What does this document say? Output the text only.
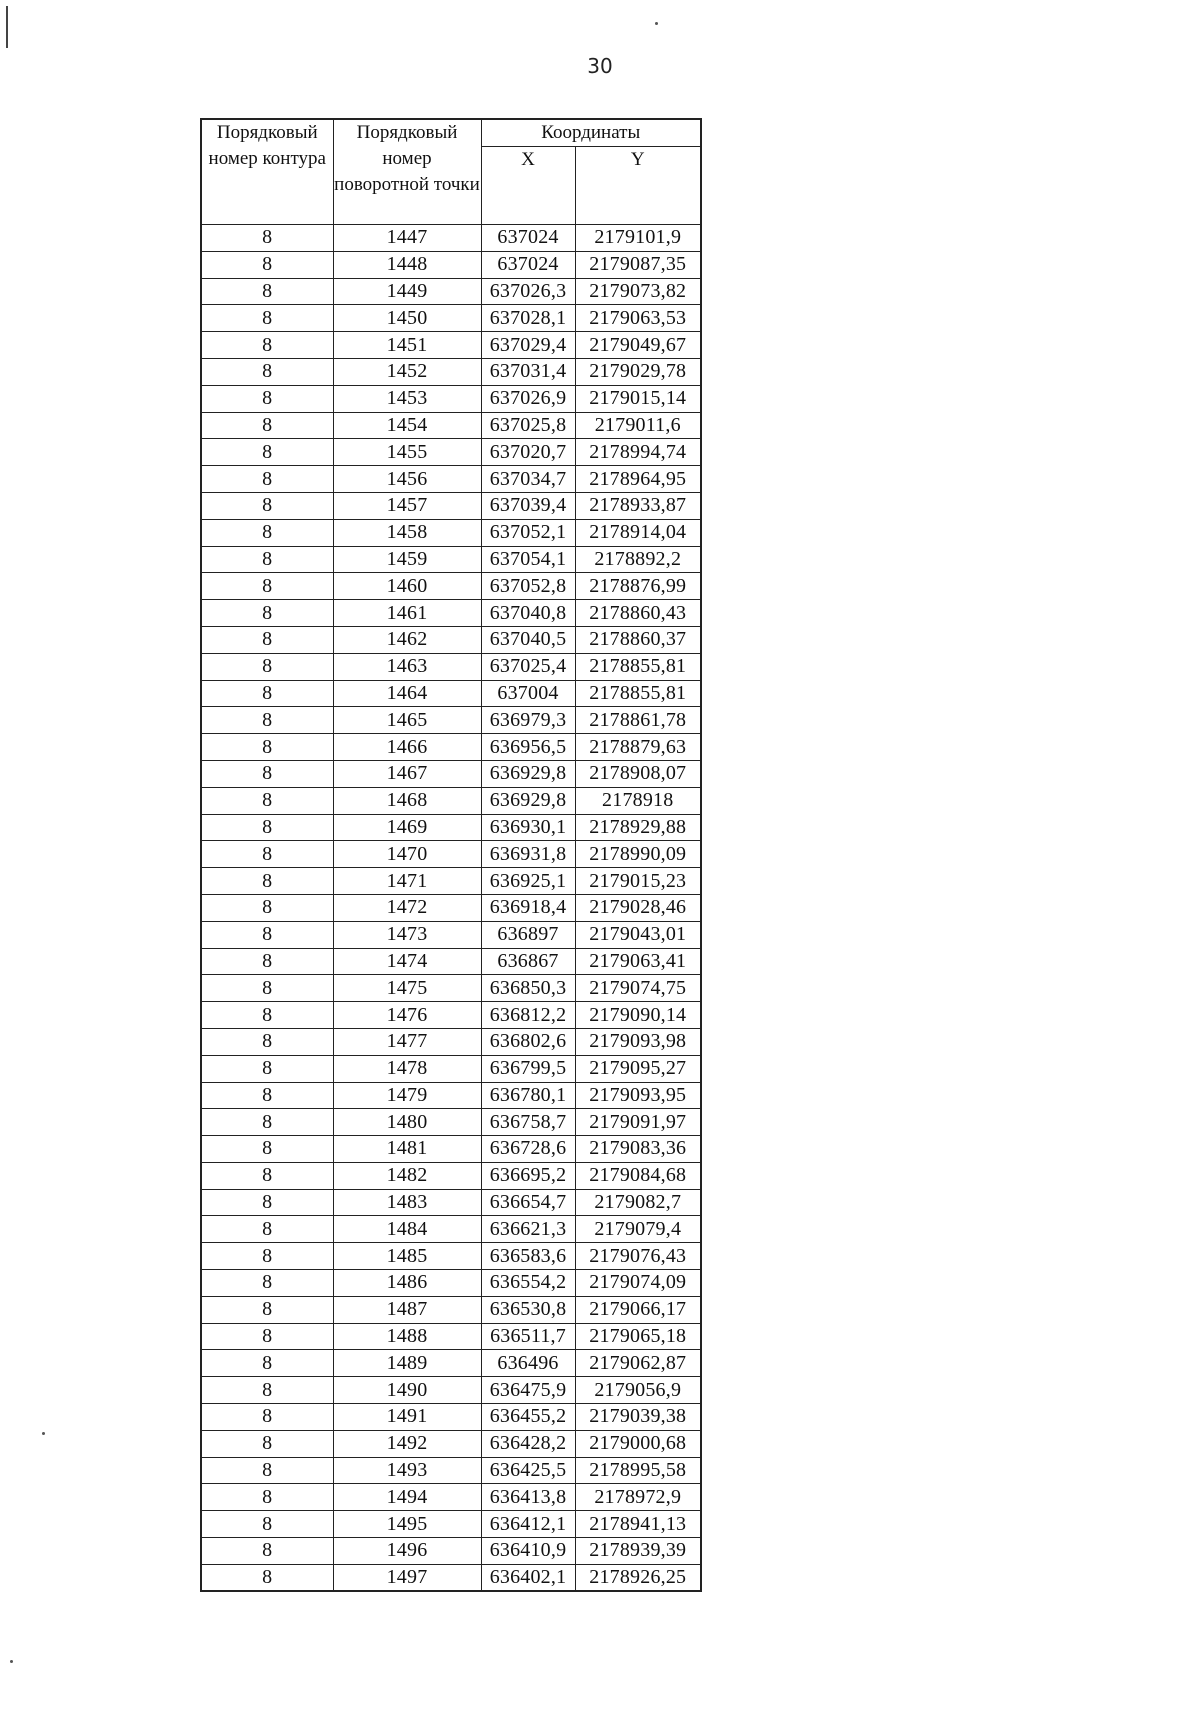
30
Порядковый номер контура	Порядковый номер поворотной точки	Координаты	
		X	Y
8	1447	637024	2179101,9
8	1448	637024	2179087,35
8	1449	637026,3	2179073,82
8	1450	637028,1	2179063,53
8	1451	637029,4	2179049,67
8	1452	637031,4	2179029,78
8	1453	637026,9	2179015,14
8	1454	637025,8	2179011,6
8	1455	637020,7	2178994,74
8	1456	637034,7	2178964,95
8	1457	637039,4	2178933,87
8	1458	637052,1	2178914,04
8	1459	637054,1	2178892,2
8	1460	637052,8	2178876,99
8	1461	637040,8	2178860,43
8	1462	637040,5	2178860,37
8	1463	637025,4	2178855,81
8	1464	637004	2178855,81
8	1465	636979,3	2178861,78
8	1466	636956,5	2178879,63
8	1467	636929,8	2178908,07
8	1468	636929,8	2178918
8	1469	636930,1	2178929,88
8	1470	636931,8	2178990,09
8	1471	636925,1	2179015,23
8	1472	636918,4	2179028,46
8	1473	636897	2179043,01
8	1474	636867	2179063,41
8	1475	636850,3	2179074,75
8	1476	636812,2	2179090,14
8	1477	636802,6	2179093,98
8	1478	636799,5	2179095,27
8	1479	636780,1	2179093,95
8	1480	636758,7	2179091,97
8	1481	636728,6	2179083,36
8	1482	636695,2	2179084,68
8	1483	636654,7	2179082,7
8	1484	636621,3	2179079,4
8	1485	636583,6	2179076,43
8	1486	636554,2	2179074,09
8	1487	636530,8	2179066,17
8	1488	636511,7	2179065,18
8	1489	636496	2179062,87
8	1490	636475,9	2179056,9
8	1491	636455,2	2179039,38
8	1492	636428,2	2179000,68
8	1493	636425,5	2178995,58
8	1494	636413,8	2178972,9
8	1495	636412,1	2178941,13
8	1496	636410,9	2178939,39
8	1497	636402,1	2178926,25
